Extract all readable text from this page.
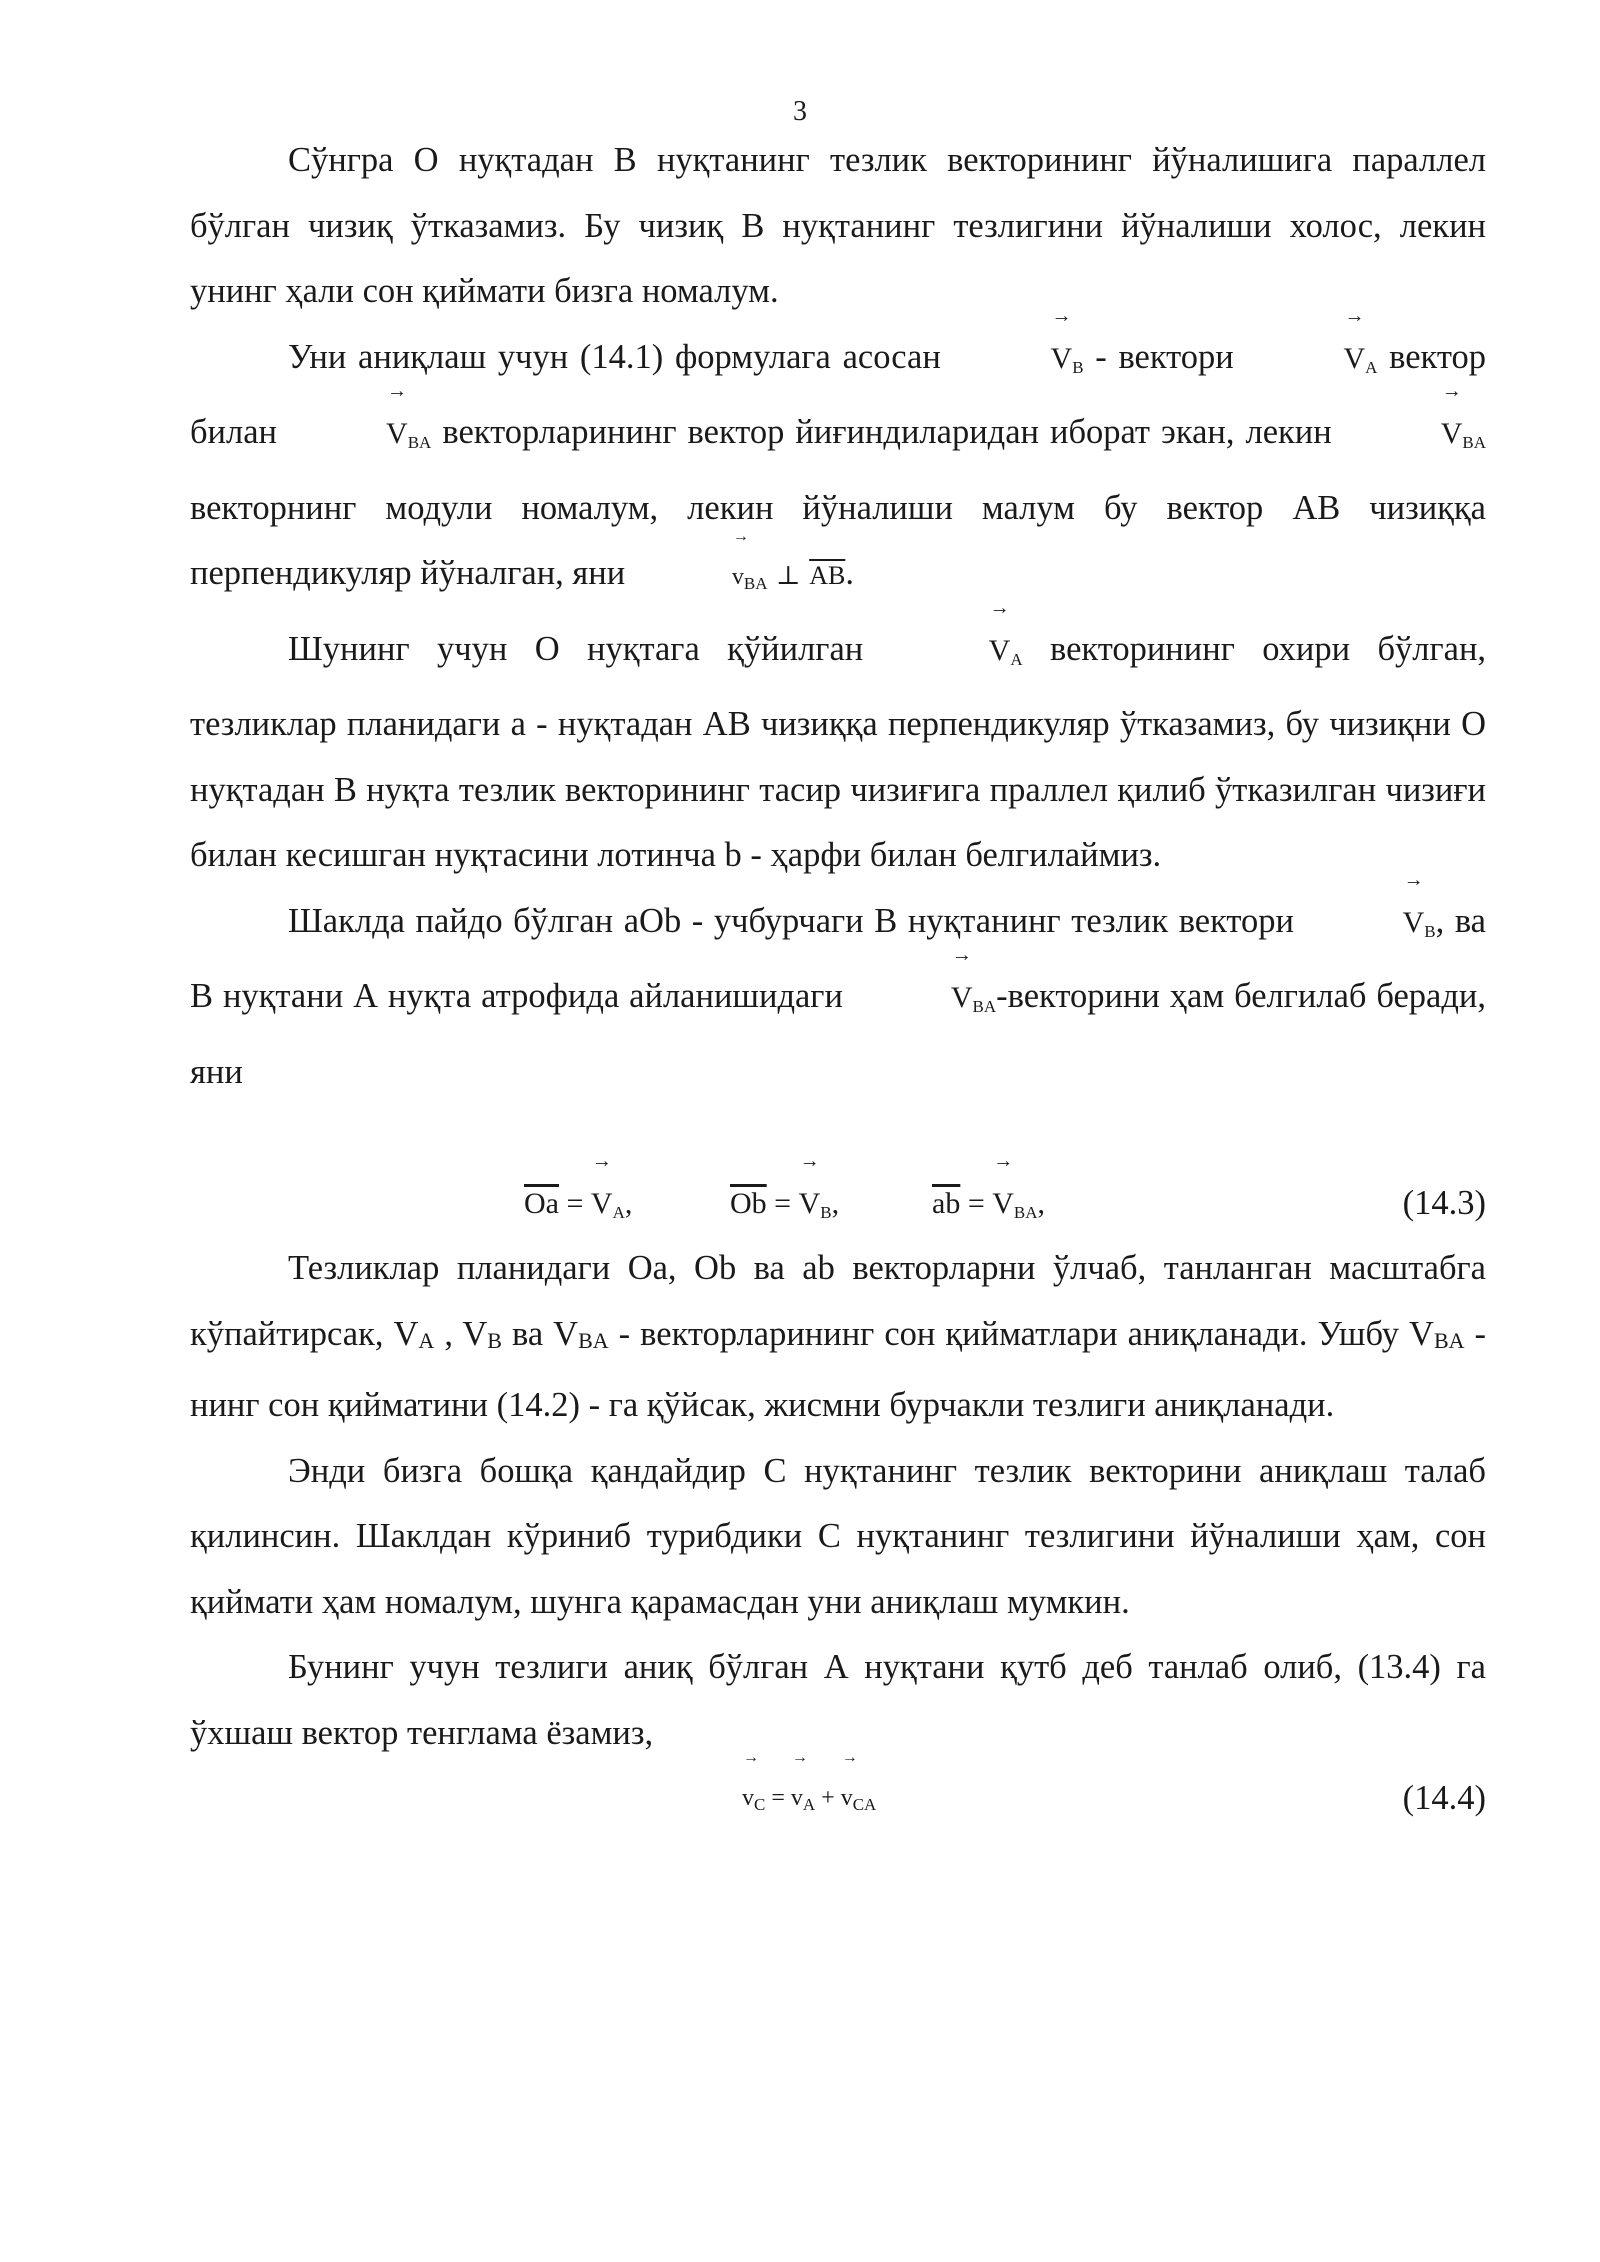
3

Сўнгра О нуқтадан В нуқтанинг тезлик векторининг йўналишига параллел бўлган чизиқ ўтказамиз. Бу чизиқ В нуқтанинг тезлигини йўналиши холос, лекин унинг ҳали сон қиймати бизга номалум.

Уни аниқлаш учун (14.1) формулага асосан	→ $V_B$ - вектори	→ $V_A$ вектор билан	→ $V_{BA}$ векторларининг вектор йиғиндиларидан иборат экан, лекин	→ $V_{BA}$ векторнинг модули номалум, лекин йўналиши малум бу вектор АВ чизиққа перпендикуляр йўналган, яни	→ $v_{BA}$ ⊥ $\overline{AB}$.

Шунинг учун О нуқтага қўйилган	→ $V_A$ векторининг охири бўлган, тезликлар планидаги а - нуқтадан АВ чизиққа перпендикуляр ўтказамиз, бу чизиқни О нуқтадан В нуқта тезлик векторининг тасир чизиғига праллел қилиб ўтказилган чизиғи билан кесишган нуқтасини лотинча b - ҳарфи билан белгилаймиз.

Шаклда пайдо бўлган aOb - учбурчаги В нуқтанинг тезлик вектори	→ $V_B$, ва В нуқтани А нуқта атрофида айланишидаги	→ $V_{BA}$-векторини ҳам белгилаб беради, яни

$\overline{Oa}$ = → $V_A$,	$\overline{Ob}$ = → $V_B$,	$\overline{ab}$ = → $V_{BA}$,	(14.3)

Тезликлар планидаги Oa, Ob ва ab векторларни ўлчаб, танланган масштабга кўпайтирсак, VA , VB ва VBA - векторларининг сон қийматлари аниқланади. Ушбу VBA - нинг сон қийматини (14.2) - га қўйсак, жисмни бурчакли тезлиги аниқланади.

Энди бизга бошқа қандайдир С нуқтанинг тезлик векторини аниқлаш талаб қилинсин. Шаклдан кўриниб турибдики С нуқтанинг тезлигини йўналиши ҳам, сон қиймати ҳам номалум, шунга қарамасдан уни аниқлаш мумкин.

Бунинг учун тезлиги аниқ бўлган А нуқтани қутб деб танлаб олиб, (13.4) га ўхшаш вектор тенглама ёзамиз,

→ $v_C$ = → $v_A$ + → $v_{CA}$	(14.4)
